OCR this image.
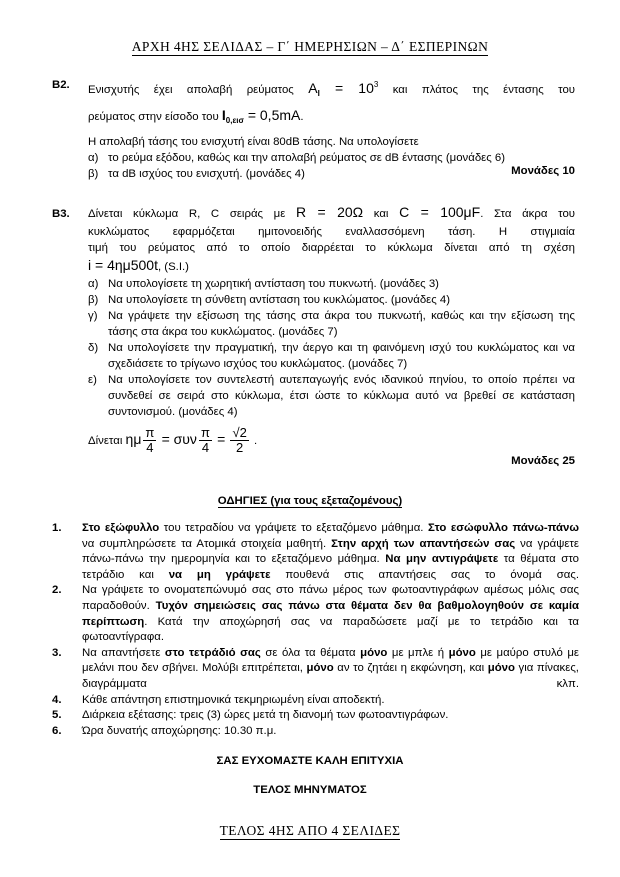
ΑΡΧΗ 4ΗΣ ΣΕΛΙΔΑΣ – Γ΄ ΗΜΕΡΗΣΙΩΝ – Δ΄ ΕΣΠΕΡΙΝΩΝ
Β2. Ενισχυτής έχει απολαβή ρεύματος $A_I = 10^3$ και πλάτος της έντασης του
ρεύματος στην είσοδο του $I_{0,\varepsilon\iota\sigma} = 0,5mA$.
Η απολαβή τάσης του ενισχυτή είναι 80dB τάσης. Να υπολογίσετε
α) το ρεύμα εξόδου, καθώς και την απολαβή ρεύματος σε dB έντασης (μονάδες 6)
β) τα dB ισχύος του ενισχυτή. (μονάδες 4)	Μονάδες 10
Β3. Δίνεται κύκλωμα R, C σειράς με R = 20Ω και C = 100μF. Στα άκρα του
κυκλώματος εφαρμόζεται ημιτονοειδής εναλλασσόμενη τάση. Η στιγμιαία
τιμή του ρεύματος από το οποίο διαρρέεται το κύκλωμα δίνεται από τη σχέση
i = 4ημ500t, (S.I.)
α) Να υπολογίσετε τη χωρητική αντίσταση του πυκνωτή. (μονάδες 3)
β) Να υπολογίσετε τη σύνθετη αντίσταση του κυκλώματος. (μονάδες 4)
γ) Να γράψετε την εξίσωση της τάσης στα άκρα του πυκνωτή, καθώς και την εξίσωση της τάσης στα άκρα του κυκλώματος. (μονάδες 7)
δ) Να υπολογίσετε την πραγματική, την άεργο και τη φαινόμενη ισχύ του κυκλώματος και να σχεδιάσετε το τρίγωνο ισχύος του κυκλώματος. (μονάδες 7)
ε) Να υπολογίσετε τον συντελεστή αυτεπαγωγής ενός ιδανικού πηνίου, το οποίο πρέπει να συνδεθεί σε σειρά στο κύκλωμα, έτσι ώστε το κύκλωμα αυτό να βρεθεί σε κατάσταση συντονισμού. (μονάδες 4)
Δίνεται ημ $\frac{\pi}{4} = \sigma\upsilon\nu \frac{\pi}{4} = \frac{√2}{2}$ .
Μονάδες 25
ΟΔΗΓΙΕΣ (για τους εξεταζομένους)
1. Στο εξώφυλλο του τετραδίου να γράψετε το εξεταζόμενο μάθημα. Στο εσώφυλλο πάνω-πάνω να συμπληρώσετε τα Ατομικά στοιχεία μαθητή. Στην αρχή των απαντήσεών σας να γράψετε πάνω-πάνω την ημερομηνία και το εξεταζόμενο μάθημα. Να μην αντιγράψετε τα θέματα στο τετράδιο και να μη γράψετε πουθενά στις απαντήσεις σας το όνομά σας.
2. Να γράψετε το ονοματεπώνυμό σας στο πάνω μέρος των φωτοαντιγράφων αμέσως μόλις σας παραδοθούν. Τυχόν σημειώσεις σας πάνω στα θέματα δεν θα βαθμολογηθούν σε καμία περίπτωση. Κατά την αποχώρησή σας να παραδώσετε μαζί με το τετράδιο και τα φωτοαντίγραφα.
3. Να απαντήσετε στο τετράδιό σας σε όλα τα θέματα μόνο με μπλε ή μόνο με μαύρο στυλό με μελάνι που δεν σβήνει. Μολύβι επιτρέπεται, μόνο αν το ζητάει η εκφώνηση, και μόνο για πίνακες, διαγράμματα κλπ.
4. Κάθε απάντηση επιστημονικά τεκμηριωμένη είναι αποδεκτή.
5. Διάρκεια εξέτασης: τρεις (3) ώρες μετά τη διανομή των φωτοαντιγράφων.
6. Ώρα δυνατής αποχώρησης: 10.30 π.μ.
ΣΑΣ ΕΥΧΟΜΑΣΤΕ ΚΑΛΗ ΕΠΙΤΥΧΙΑ
ΤΕΛΟΣ ΜΗΝΥΜΑΤΟΣ
ΤΕΛΟΣ 4ΗΣ ΑΠΟ 4 ΣΕΛΙΔΕΣ
